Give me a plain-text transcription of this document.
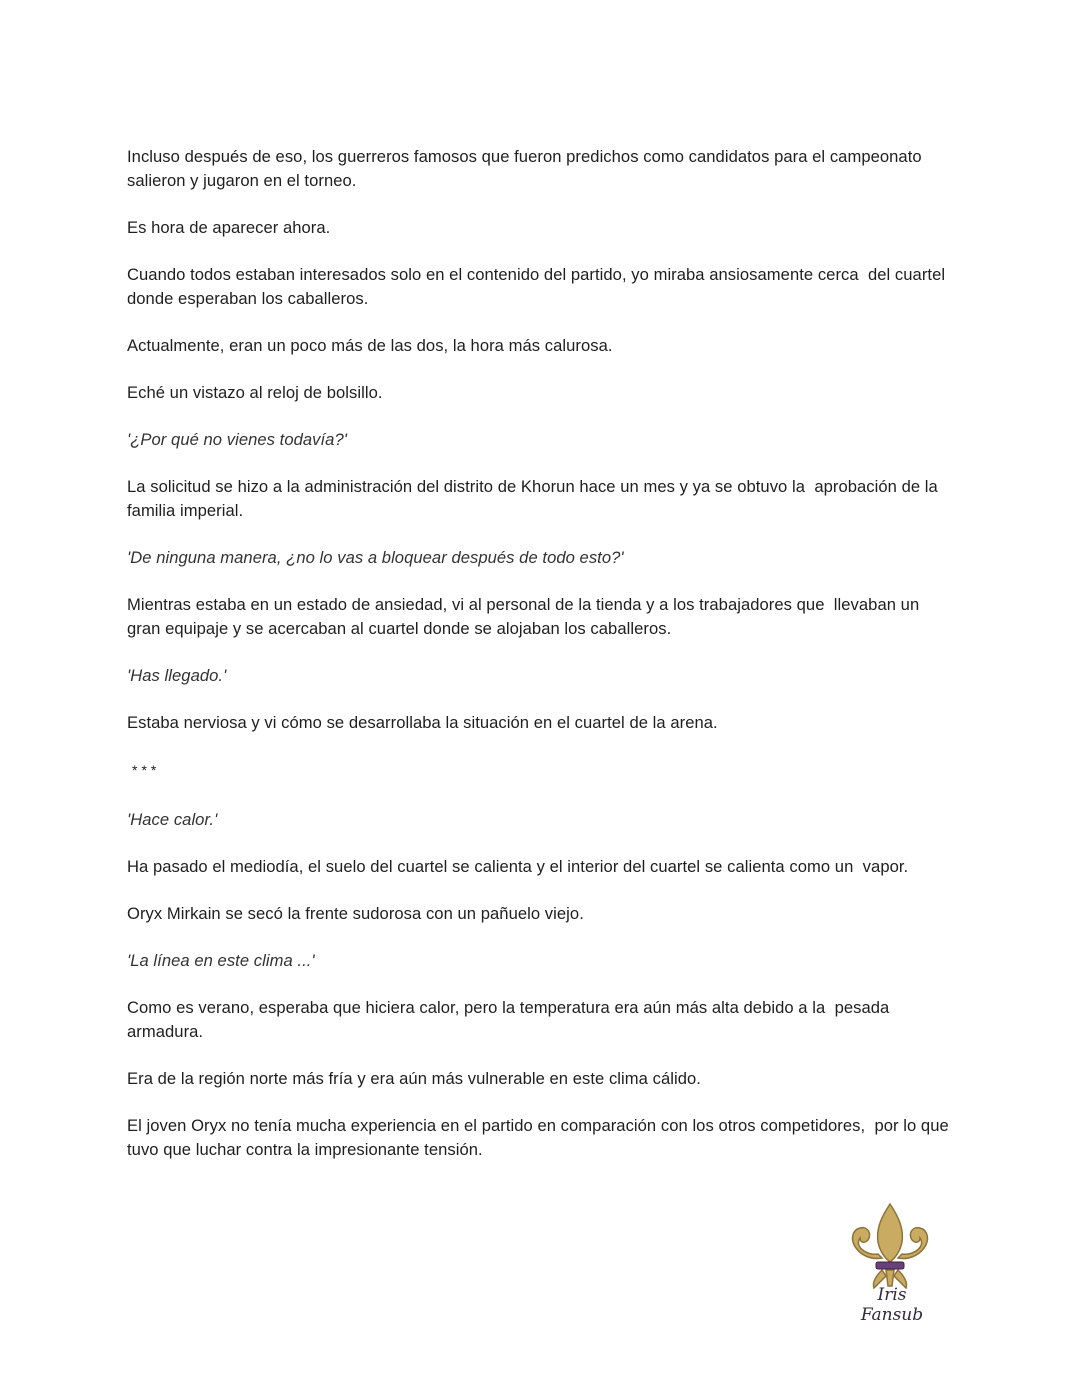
Incluso después de eso, los guerreros famosos que fueron predichos como candidatos para el campeonato salieron y jugaron en el torneo.

Es hora de aparecer ahora.

Cuando todos estaban interesados solo en el contenido del partido, yo miraba ansiosamente cerca  del cuartel donde esperaban los caballeros.

Actualmente, eran un poco más de las dos, la hora más calurosa.

Eché un vistazo al reloj de bolsillo.

'¿Por qué no vienes todavía?'

La solicitud se hizo a la administración del distrito de Khorun hace un mes y ya se obtuvo la  aprobación de la familia imperial.

'De ninguna manera, ¿no lo vas a bloquear después de todo esto?'

Mientras estaba en un estado de ansiedad, vi al personal de la tienda y a los trabajadores que  llevaban un gran equipaje y se acercaban al cuartel donde se alojaban los caballeros.

'Has llegado.'

Estaba nerviosa y vi cómo se desarrollaba la situación en el cuartel de la arena.

* * *

'Hace calor.'

Ha pasado el mediodía, el suelo del cuartel se calienta y el interior del cuartel se calienta como un  vapor.

Oryx Mirkain se secó la frente sudorosa con un pañuelo viejo.

'La línea en este clima ...'

Como es verano, esperaba que hiciera calor, pero la temperatura era aún más alta debido a la  pesada armadura.

Era de la región norte más fría y era aún más vulnerable en este clima cálido.

El joven Oryx no tenía mucha experiencia en el partido en comparación con los otros competidores,  por lo que tuvo que luchar contra la impresionante tensión.

Iris Fansub
